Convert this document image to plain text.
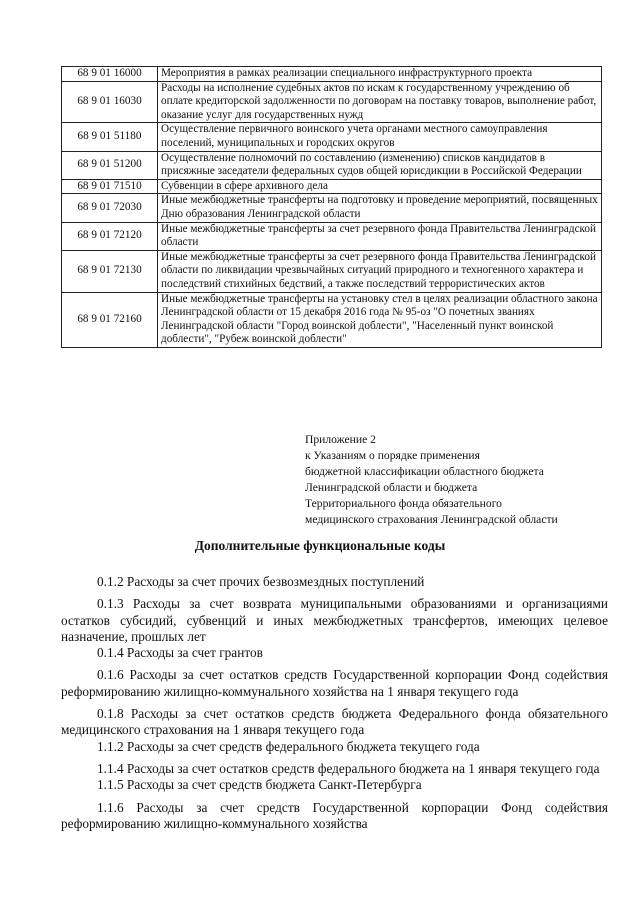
68 9 01 16000	Мероприятия в рамках реализации специального инфраструктурного проекта
68 9 01 16030	Расходы на исполнение судебных актов по искам к государственному учреждению об оплате кредиторской задолженности по договорам на поставку товаров, выполнение работ, оказание услуг для государственных нужд
68 9 01 51180	Осуществление первичного воинского учета органами местного самоуправления поселений, муниципальных и городских округов
68 9 01 51200	Осуществление полномочий по составлению (изменению) списков кандидатов в присяжные заседатели федеральных судов общей юрисдикции в Российской Федерации
68 9 01 71510	Субвенции в сфере архивного дела
68 9 01 72030	Иные межбюджетные трансферты на подготовку и проведение мероприятий, посвященных Дню образования Ленинградской области
68 9 01 72120	Иные межбюджетные трансферты за счет резервного фонда Правительства Ленинградской области
68 9 01 72130	Иные межбюджетные трансферты за счет резервного фонда Правительства Ленинградской области по ликвидации чрезвычайных ситуаций природного и техногенного характера и последствий стихийных бедствий, а также последствий террористических актов
68 9 01 72160	Иные межбюджетные трансферты на установку стел в целях реализации областного закона Ленинградской области от 15 декабря 2016 года № 95-оз "О почетных званиях Ленинградской области "Город воинской доблести", "Населенный пункт воинской доблести", "Рубеж воинской доблести"
Приложение 2
к Указаниям о порядке применения
бюджетной классификации областного бюджета
Ленинградской области и бюджета
Территориального фонда обязательного
медицинского страхования Ленинградской области
Дополнительные функциональные коды

0.1.2 Расходы за счет прочих безвозмездных поступлений

0.1.3 Расходы за счет возврата муниципальными образованиями и организациями остатков субсидий, субвенций и иных межбюджетных трансфертов, имеющих целевое назначение, прошлых лет

0.1.4 Расходы за счет грантов

0.1.6 Расходы за счет остатков средств Государственной корпорации Фонд содействия реформированию жилищно-коммунального хозяйства на 1 января текущего года

0.1.8 Расходы за счет остатков средств бюджета Федерального фонда обязательного медицинского страхования на 1 января текущего года

1.1.2 Расходы за счет средств федерального бюджета текущего года

1.1.4 Расходы за счет остатков средств федерального бюджета на 1 января текущего года

1.1.5 Расходы за счет средств бюджета Санкт-Петербурга

1.1.6 Расходы за счет средств Государственной корпорации Фонд содействия реформированию жилищно-коммунального хозяйства
